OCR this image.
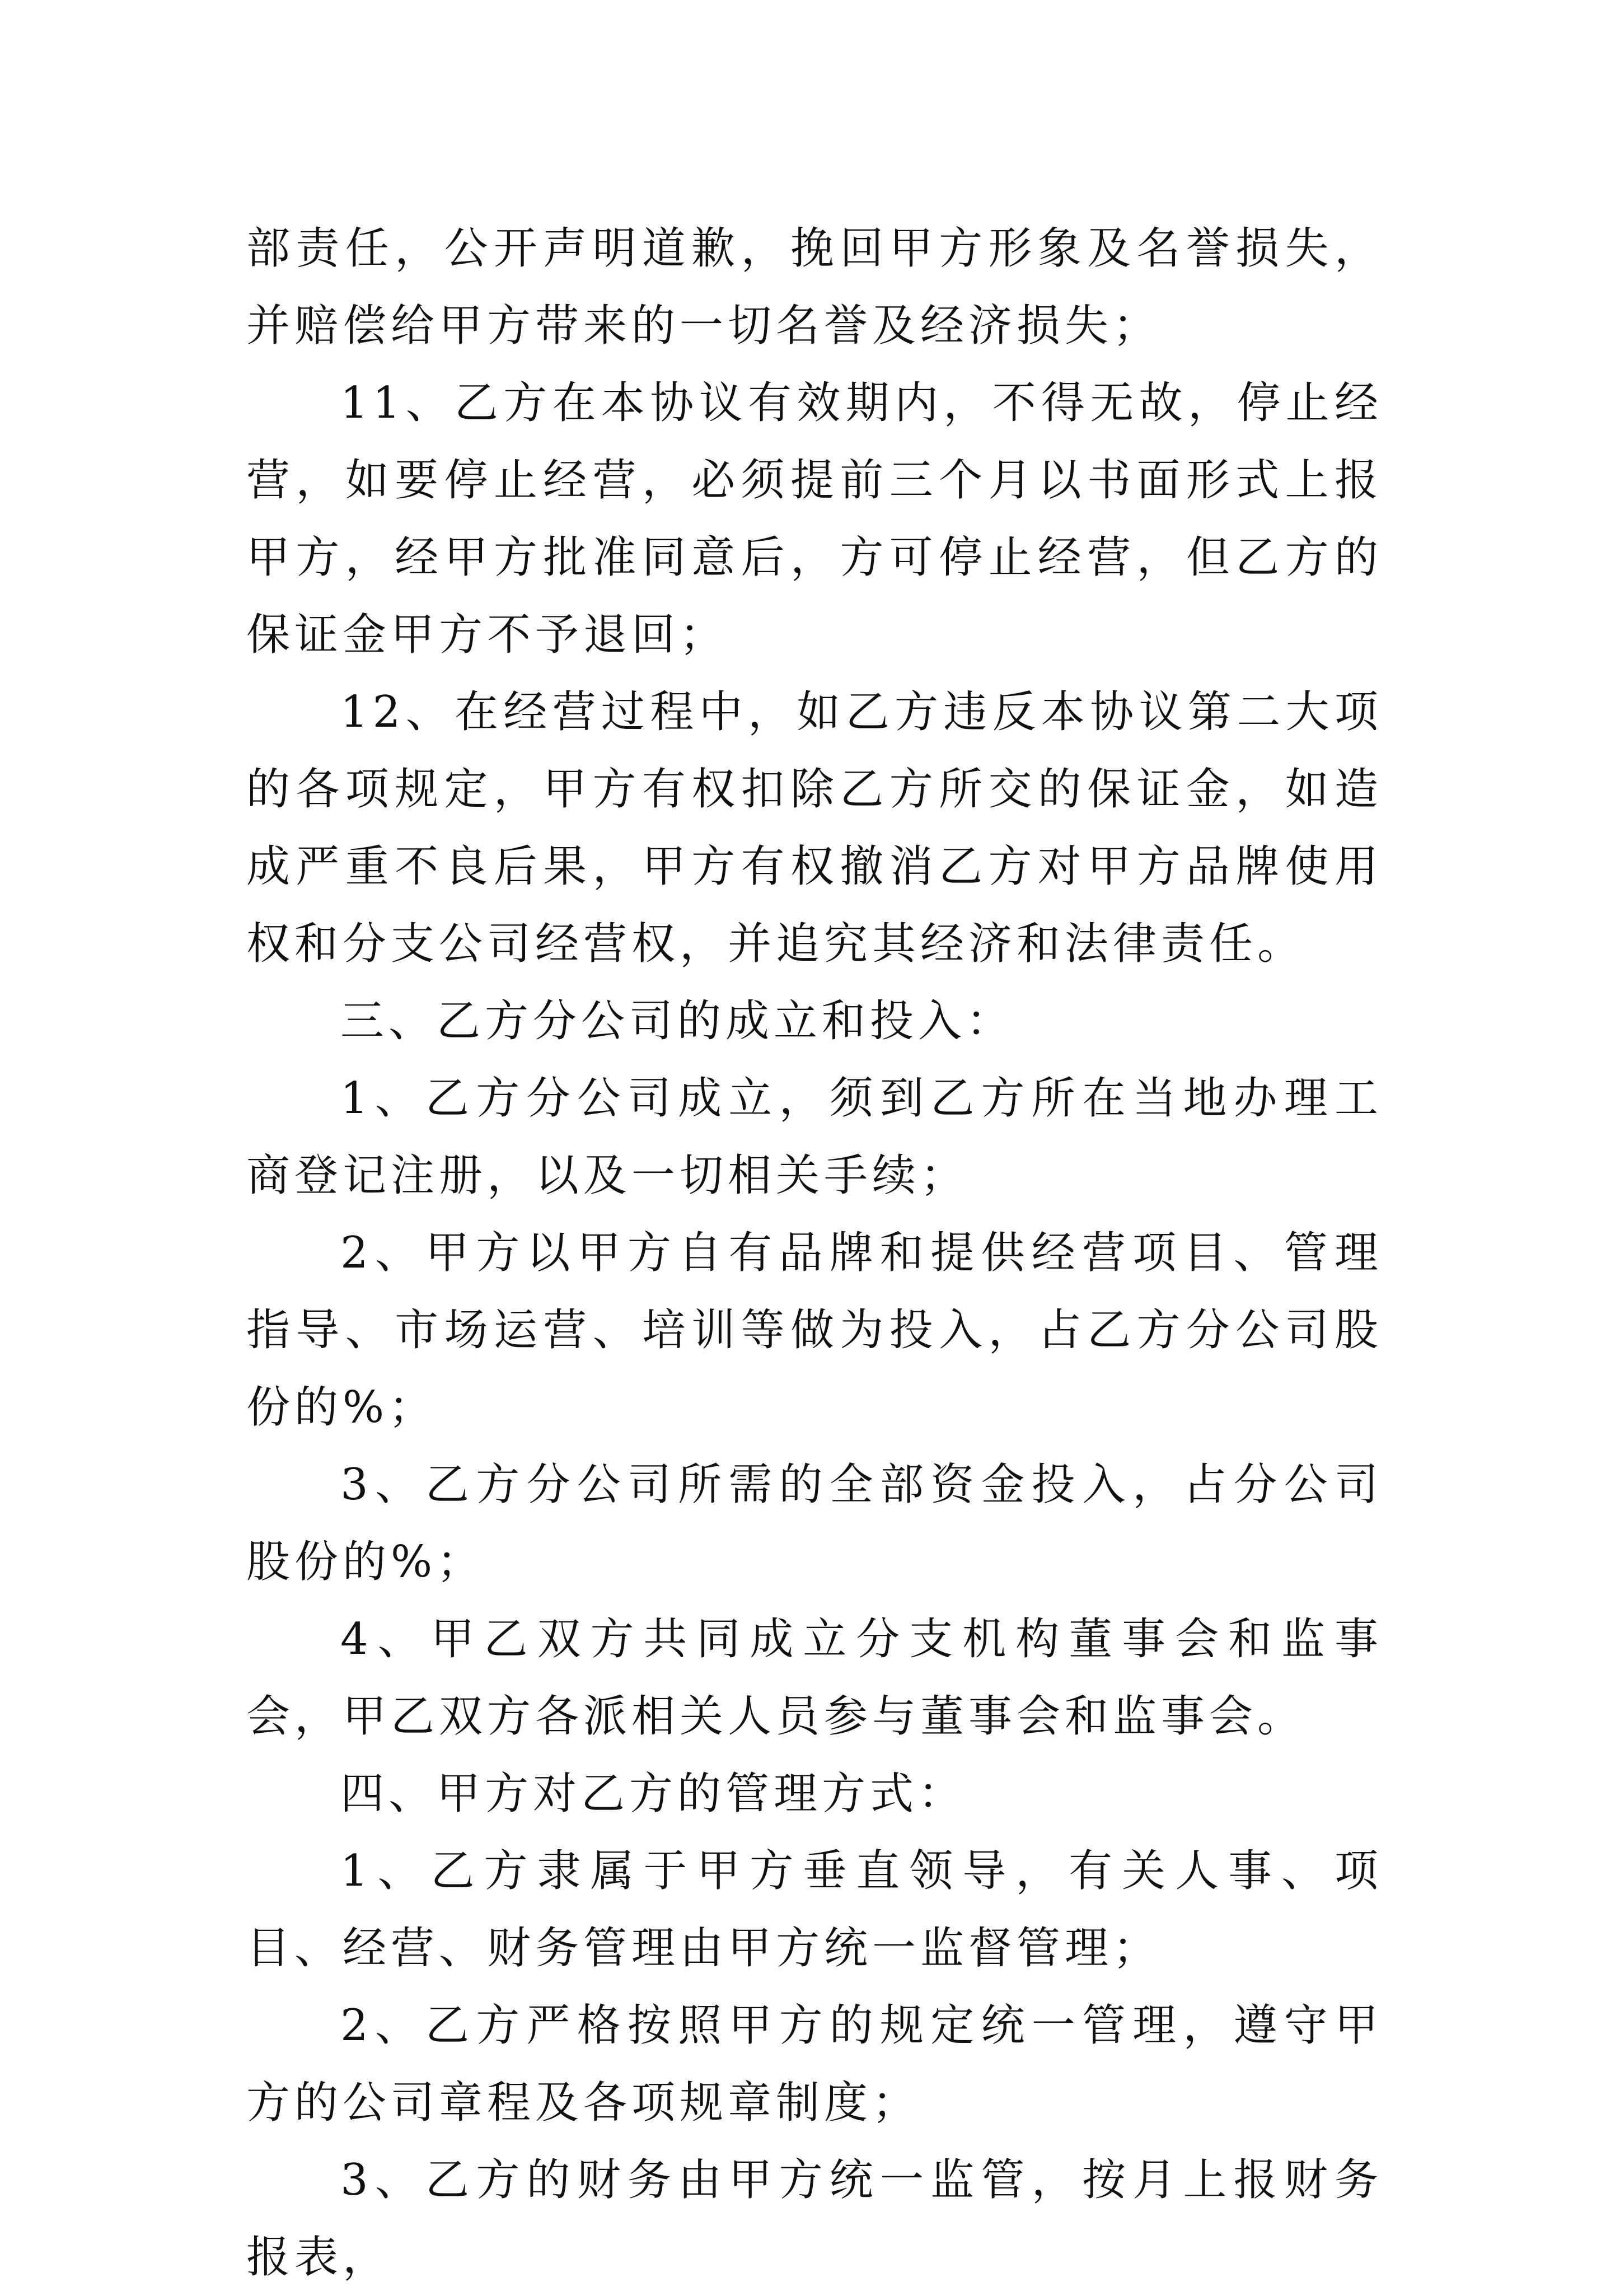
部责任，公开声明道歉，挽回甲方形象及名誉损失，并赔偿给甲方带来的一切名誉及经济损失；

11、乙方在本协议有效期内，不得无故，停止经营，如要停止经营，必须提前三个月以书面形式上报甲方，经甲方批准同意后，方可停止经营，但乙方的保证金甲方不予退回；

12、在经营过程中，如乙方违反本协议第二大项的各项规定，甲方有权扣除乙方所交的保证金，如造成严重不良后果，甲方有权撤消乙方对甲方品牌使用权和分支公司经营权，并追究其经济和法律责任。

三、乙方分公司的成立和投入：

1、乙方分公司成立，须到乙方所在当地办理工商登记注册，以及一切相关手续；

2、甲方以甲方自有品牌和提供经营项目、管理指导、市场运营、培训等做为投入，占乙方分公司股份的%；

3、乙方分公司所需的全部资金投入，占分公司股份的%；

4、甲乙双方共同成立分支机构董事会和监事会，甲乙双方各派相关人员参与董事会和监事会。

四、甲方对乙方的管理方式：

1、乙方隶属于甲方垂直领导，有关人事、项目、经营、财务管理由甲方统一监督管理；

2、乙方严格按照甲方的规定统一管理，遵守甲方的公司章程及各项规章制度；

3、乙方的财务由甲方统一监管，按月上报财务报表，
